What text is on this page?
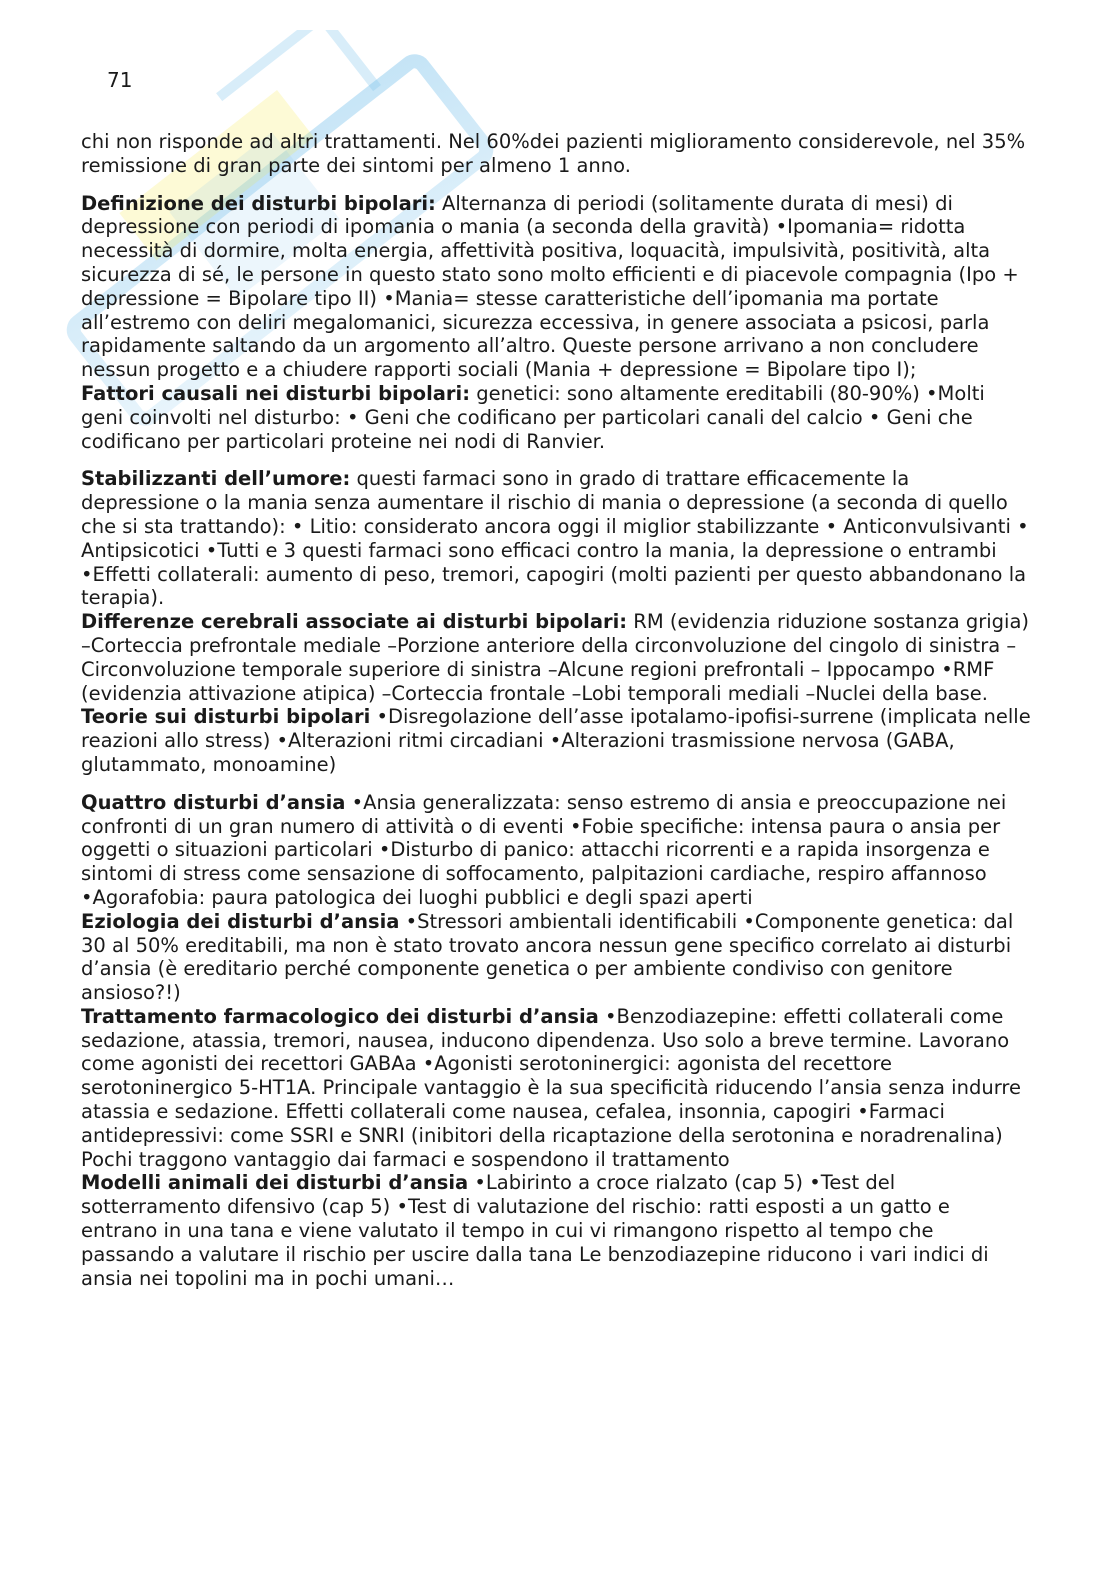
71

chi non risponde ad altri trattamenti. Nel 60%dei pazienti miglioramento considerevole, nel 35% remissione di gran parte dei sintomi per almeno 1 anno.

Definizione dei disturbi bipolari: Alternanza di periodi (solitamente durata di mesi) di depressione con periodi di ipomania o mania (a seconda della gravità) •Ipomania= ridotta necessità di dormire, molta energia, affettività positiva, loquacità, impulsività, positività, alta sicurezza di sé, le persone in questo stato sono molto efficienti e di piacevole compagnia (Ipo + depressione = Bipolare tipo II) •Mania= stesse caratteristiche dell’ipomania ma portate all’estremo con deliri megalomanici, sicurezza eccessiva, in genere associata a psicosi, parla rapidamente saltando da un argomento all’altro. Queste persone arrivano a non concludere nessun progetto e a chiudere rapporti sociali (Mania + depressione = Bipolare tipo I);

Fattori causali nei disturbi bipolari: genetici: sono altamente ereditabili (80-90%) •Molti geni coinvolti nel disturbo: • Geni che codificano per particolari canali del calcio • Geni che codificano per particolari proteine nei nodi di Ranvier.

Stabilizzanti dell’umore: questi farmaci sono in grado di trattare efficacemente la depressione o la mania senza aumentare il rischio di mania o depressione (a seconda di quello che si sta trattando): • Litio: considerato ancora oggi il miglior stabilizzante • Anticonvulsivanti • Antipsicotici •Tutti e 3 questi farmaci sono efficaci contro la mania, la depressione o entrambi •Effetti collaterali: aumento di peso, tremori, capogiri (molti pazienti per questo abbandonano la terapia).

Differenze cerebrali associate ai disturbi bipolari: RM (evidenzia riduzione sostanza grigia) –Corteccia prefrontale mediale –Porzione anteriore della circonvoluzione del cingolo di sinistra –Circonvoluzione temporale superiore di sinistra –Alcune regioni prefrontali – Ippocampo •RMF (evidenzia attivazione atipica) –Corteccia frontale –Lobi temporali mediali –Nuclei della base.

Teorie sui disturbi bipolari •Disregolazione dell’asse ipotalamo-ipofisi-surrene (implicata nelle reazioni allo stress) •Alterazioni ritmi circadiani •Alterazioni trasmissione nervosa (GABA, glutammato, monoamine)

Quattro disturbi d’ansia •Ansia generalizzata: senso estremo di ansia e preoccupazione nei confronti di un gran numero di attività o di eventi •Fobie specifiche: intensa paura o ansia per oggetti o situazioni particolari •Disturbo di panico: attacchi ricorrenti e a rapida insorgenza e sintomi di stress come sensazione di soffocamento, palpitazioni cardiache, respiro affannoso •Agorafobia: paura patologica dei luoghi pubblici e degli spazi aperti

Eziologia dei disturbi d’ansia •Stressori ambientali identificabili •Componente genetica: dal 30 al 50% ereditabili, ma non è stato trovato ancora nessun gene specifico correlato ai disturbi d’ansia (è ereditario perché componente genetica o per ambiente condiviso con genitore ansioso?!)

Trattamento farmacologico dei disturbi d’ansia •Benzodiazepine: effetti collaterali come sedazione, atassia, tremori, nausea, inducono dipendenza. Uso solo a breve termine. Lavorano come agonisti dei recettori GABAa •Agonisti serotoninergici: agonista del recettore serotoninergico 5-HT1A. Principale vantaggio è la sua specificità riducendo l’ansia senza indurre atassia e sedazione. Effetti collaterali come nausea, cefalea, insonnia, capogiri •Farmaci antidepressivi: come SSRI e SNRI (inibitori della ricaptazione della serotonina e noradrenalina) Pochi traggono vantaggio dai farmaci e sospendono il trattamento

Modelli animali dei disturbi d’ansia •Labirinto a croce rialzato (cap 5) •Test del sotterramento difensivo (cap 5) •Test di valutazione del rischio: ratti esposti a un gatto e entrano in una tana e viene valutato il tempo in cui vi rimangono rispetto al tempo che passando a valutare il rischio per uscire dalla tana Le benzodiazepine riducono i vari indici di ansia nei topolini ma in pochi umani…
